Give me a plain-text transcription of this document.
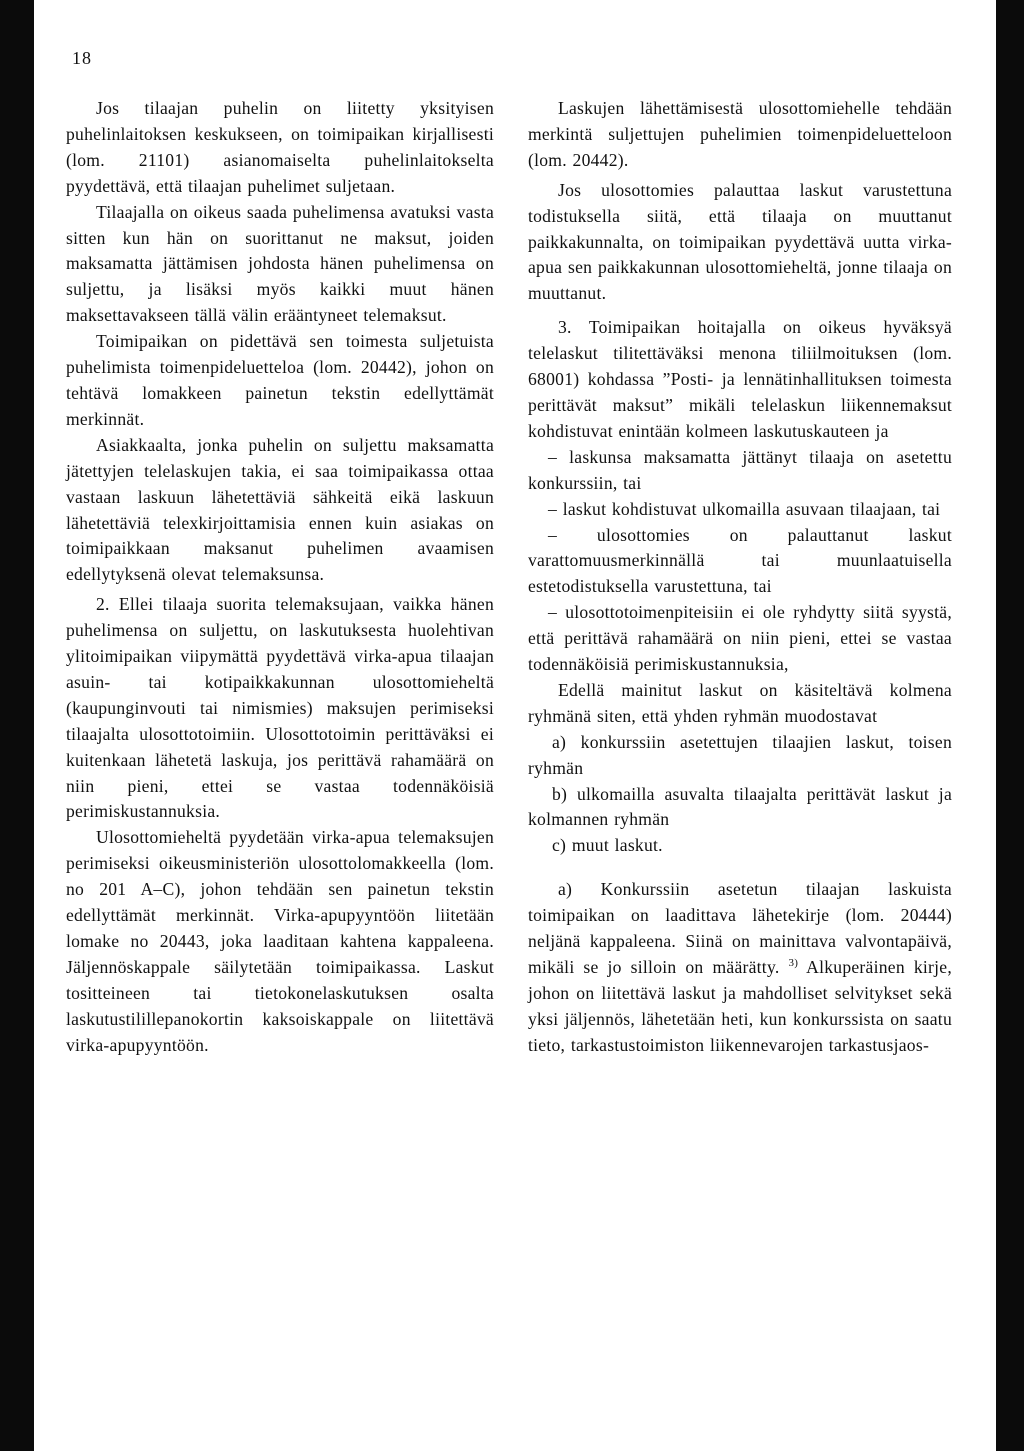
18

Jos tilaajan puhelin on liitetty yksityisen puhelinlaitoksen keskukseen, on toimipaikan kirjallisesti (lom. 21101) asianomaiselta puhelinlaitokselta pyydettävä, että tilaajan puhelimet suljetaan.

Tilaajalla on oikeus saada puhelimensa avatuksi vasta sitten kun hän on suorittanut ne maksut, joiden maksamatta jättämisen johdosta hänen puhelimensa on suljettu, ja lisäksi myös kaikki muut hänen maksettavakseen tällä välin erääntyneet telemaksut.

Toimipaikan on pidettävä sen toimesta suljetuista puhelimista toimenpideluetteloa (lom. 20442), johon on tehtävä lomakkeen painetun tekstin edellyttämät merkinnät.

Asiakkaalta, jonka puhelin on suljettu maksamatta jätettyjen telelaskujen takia, ei saa toimipaikassa ottaa vastaan laskuun lähetettäviä sähkeitä eikä laskuun lähetettäviä telexkirjoittamisia ennen kuin asiakas on toimipaikkaan maksanut puhelimen avaamisen edellytyksenä olevat telemaksunsa.

2. Ellei tilaaja suorita telemaksujaan, vaikka hänen puhelimensa on suljettu, on laskutuksesta huolehtivan ylitoimipaikan viipymättä pyydettävä virka-apua tilaajan asuin- tai kotipaikkakunnan ulosottomieheltä (kaupunginvouti tai nimismies) maksujen perimiseksi tilaajalta ulosottotoimiin. Ulosottotoimin perittäväksi ei kuitenkaan lähetetä laskuja, jos perittävä rahamäärä on niin pieni, ettei se vastaa todennäköisiä perimiskustannuksia.

Ulosottomieheltä pyydetään virka-apua telemaksujen perimiseksi oikeusministeriön ulosottolomakkeella (lom. no 201 A–C), johon tehdään sen painetun tekstin edellyttämät merkinnät. Virka-apupyyntöön liitetään lomake no 20443, joka laaditaan kahtena kappaleena. Jäljennöskappale säilytetään toimipaikassa. Laskut tositteineen tai tietokonelaskutuksen osalta laskutustilillepanokortin kaksoiskappale on liitettävä virka-apupyyntöön.

Laskujen lähettämisestä ulosottomiehelle tehdään merkintä suljettujen puhelimien toimenpideluetteloon (lom. 20442).

Jos ulosottomies palauttaa laskut varustettuna todistuksella siitä, että tilaaja on muuttanut paikkakunnalta, on toimipaikan pyydettävä uutta virka-apua sen paikkakunnan ulosottomieheltä, jonne tilaaja on muuttanut.

3. Toimipaikan hoitajalla on oikeus hyväksyä telelaskut tilitettäväksi menona tiliilmoituksen (lom. 68001) kohdassa ”Posti- ja lennätinhallituksen toimesta perittävät maksut” mikäli telelaskun liikennemaksut kohdistuvat enintään kolmeen laskutuskauteen ja

– laskunsa maksamatta jättänyt tilaaja on asetettu konkurssiin, tai

– laskut kohdistuvat ulkomailla asuvaan tilaajaan, tai

– ulosottomies on palauttanut laskut varattomuusmerkinnällä tai muunlaatuisella estetodistuksella varustettuna, tai

– ulosottotoimenpiteisiin ei ole ryhdytty siitä syystä, että perittävä rahamäärä on niin pieni, ettei se vastaa todennäköisiä perimiskustannuksia,

Edellä mainitut laskut on käsiteltävä kolmena ryhmänä siten, että yhden ryhmän muodostavat

a) konkurssiin asetettujen tilaajien laskut, toisen ryhmän

b) ulkomailla asuvalta tilaajalta perittävät laskut ja kolmannen ryhmän

c) muut laskut.

a) Konkurssiin asetetun tilaajan laskuista toimipaikan on laadittava lähetekirje (lom. 20444) neljänä kappaleena. Siinä on mainittava valvontapäivä, mikäli se jo silloin on määrätty. $^{3)}$ Alkuperäinen kirje, johon on liitettävä laskut ja mahdolliset selvitykset sekä yksi jäljennös, lähetetään heti, kun konkurssista on saatu tieto, tarkastustoimiston liikennevarojen tarkastusjaos-
